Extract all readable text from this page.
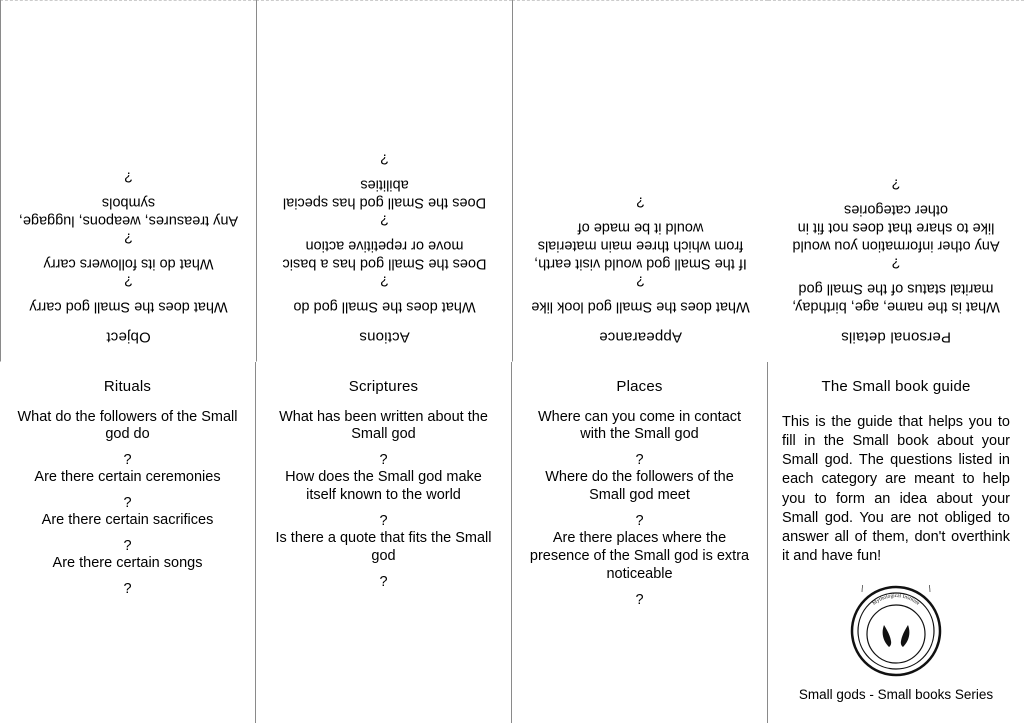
Object
What does the Small god carry
?
What do its followers carry
?
Any treasures, weapons, luggage, symbols
?
Actions
What does the Small god do
?
Does the Small god has a basic move or repetitive action
?
Does the Small god has special abilities
?
Appearance
What does the Small god look like
?
If the Small god would visit earth, from which three main materials would it be made of
?
Personal details
What is the name, age, birthday, marital status of the Small god
?
Any other information you would like to share that does not fit in other categories
?
Rituals
What do the followers of the Small god do
?
Are there certain ceremonies
?
Are there certain sacrifices
?
Are there certain songs
?
Scriptures
What has been written about the Small god
?
How does the Small god make itself known to the world
?
Is there a quote that fits the Small god
?
Places
Where can you come in contact with the Small god
?
Where do the followers of the Small god meet
?
Are there places where the presence of the Small god is extra noticeable
?
The Small book guide
This is the guide that helps you to fill in the Small book about your Small god. The questions listed in each category are meant to help you to form an idea about your Small god. You are not obliged to answer all of them, don't overthink it and have fun!
Mythological Institute
Small gods - Small books Series
